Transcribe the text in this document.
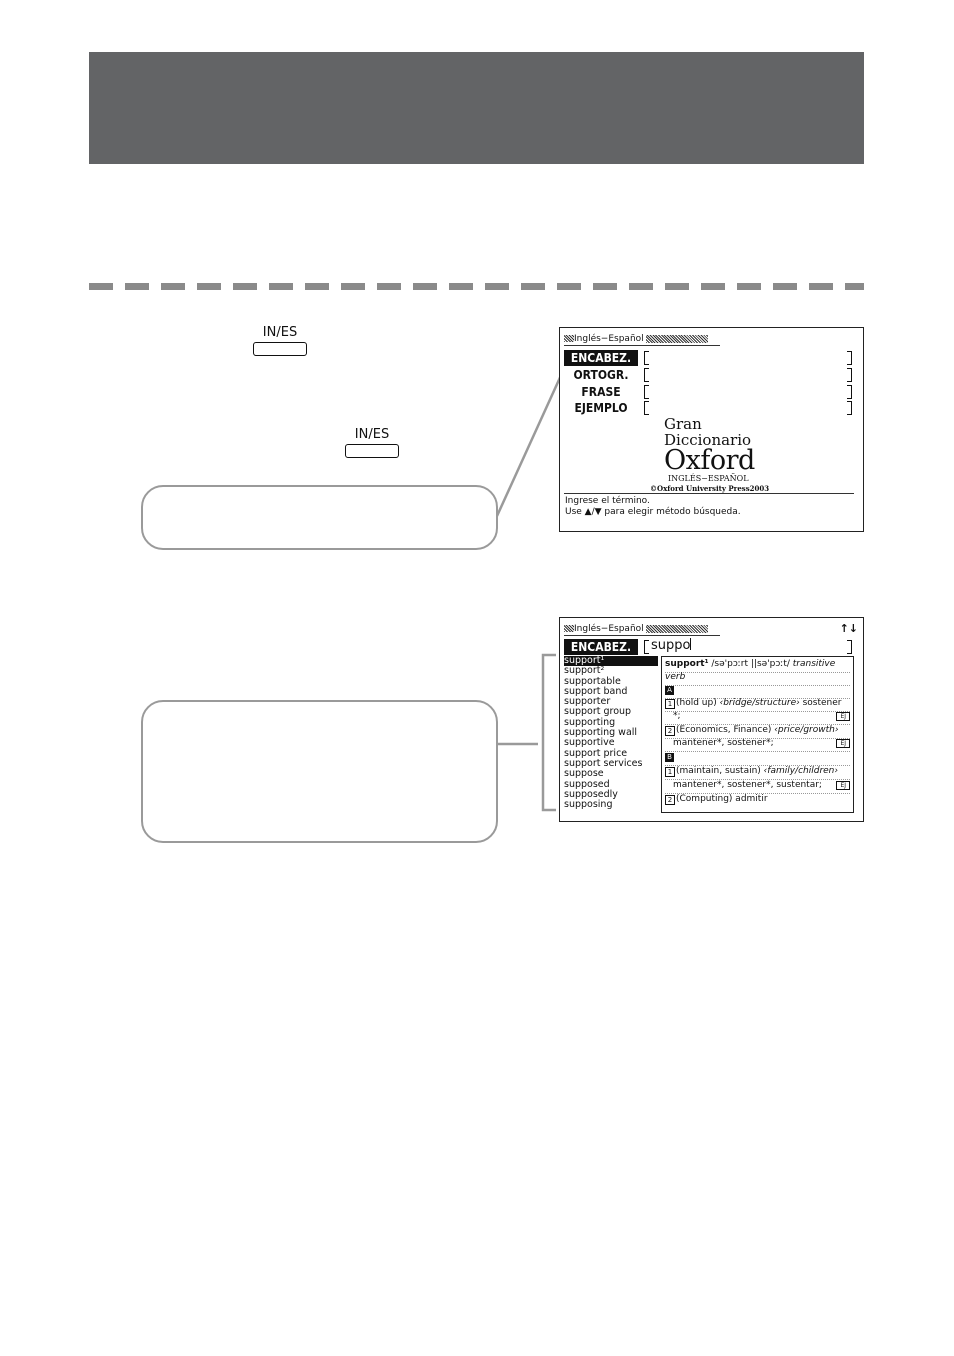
IN/ES
IN/ES
Inglés−Español
ENCABEZ.
ORTOGR.
FRASE
EJEMPLO
Gran
Diccionario
Oxford
INGLÉS−ESPAÑOL
©Oxford University Press2003
Ingrese el término.
Use ▲/▼ para elegir método búsqueda.
Inglés−Español	↑↓
ENCABEZ.	suppo
support¹
support²
supportable
support band
supporter
support group
supporting
supporting wall
supportive
support price
support services
suppose
supposed
supposedly
supposing
support¹ /sə'pɔːrt ||sə'pɔːt/ transitive
verb
A
1 (hold up) ‹bridge/structure› sostener
*;	EJ
2 (Economics, Finance) ‹price/growth›
mantener*, sostener*;	EJ
B
1 (maintain, sustain) ‹family/children›
mantener*, sostener*, sustentar;	EJ
2 (Computing) admitir
